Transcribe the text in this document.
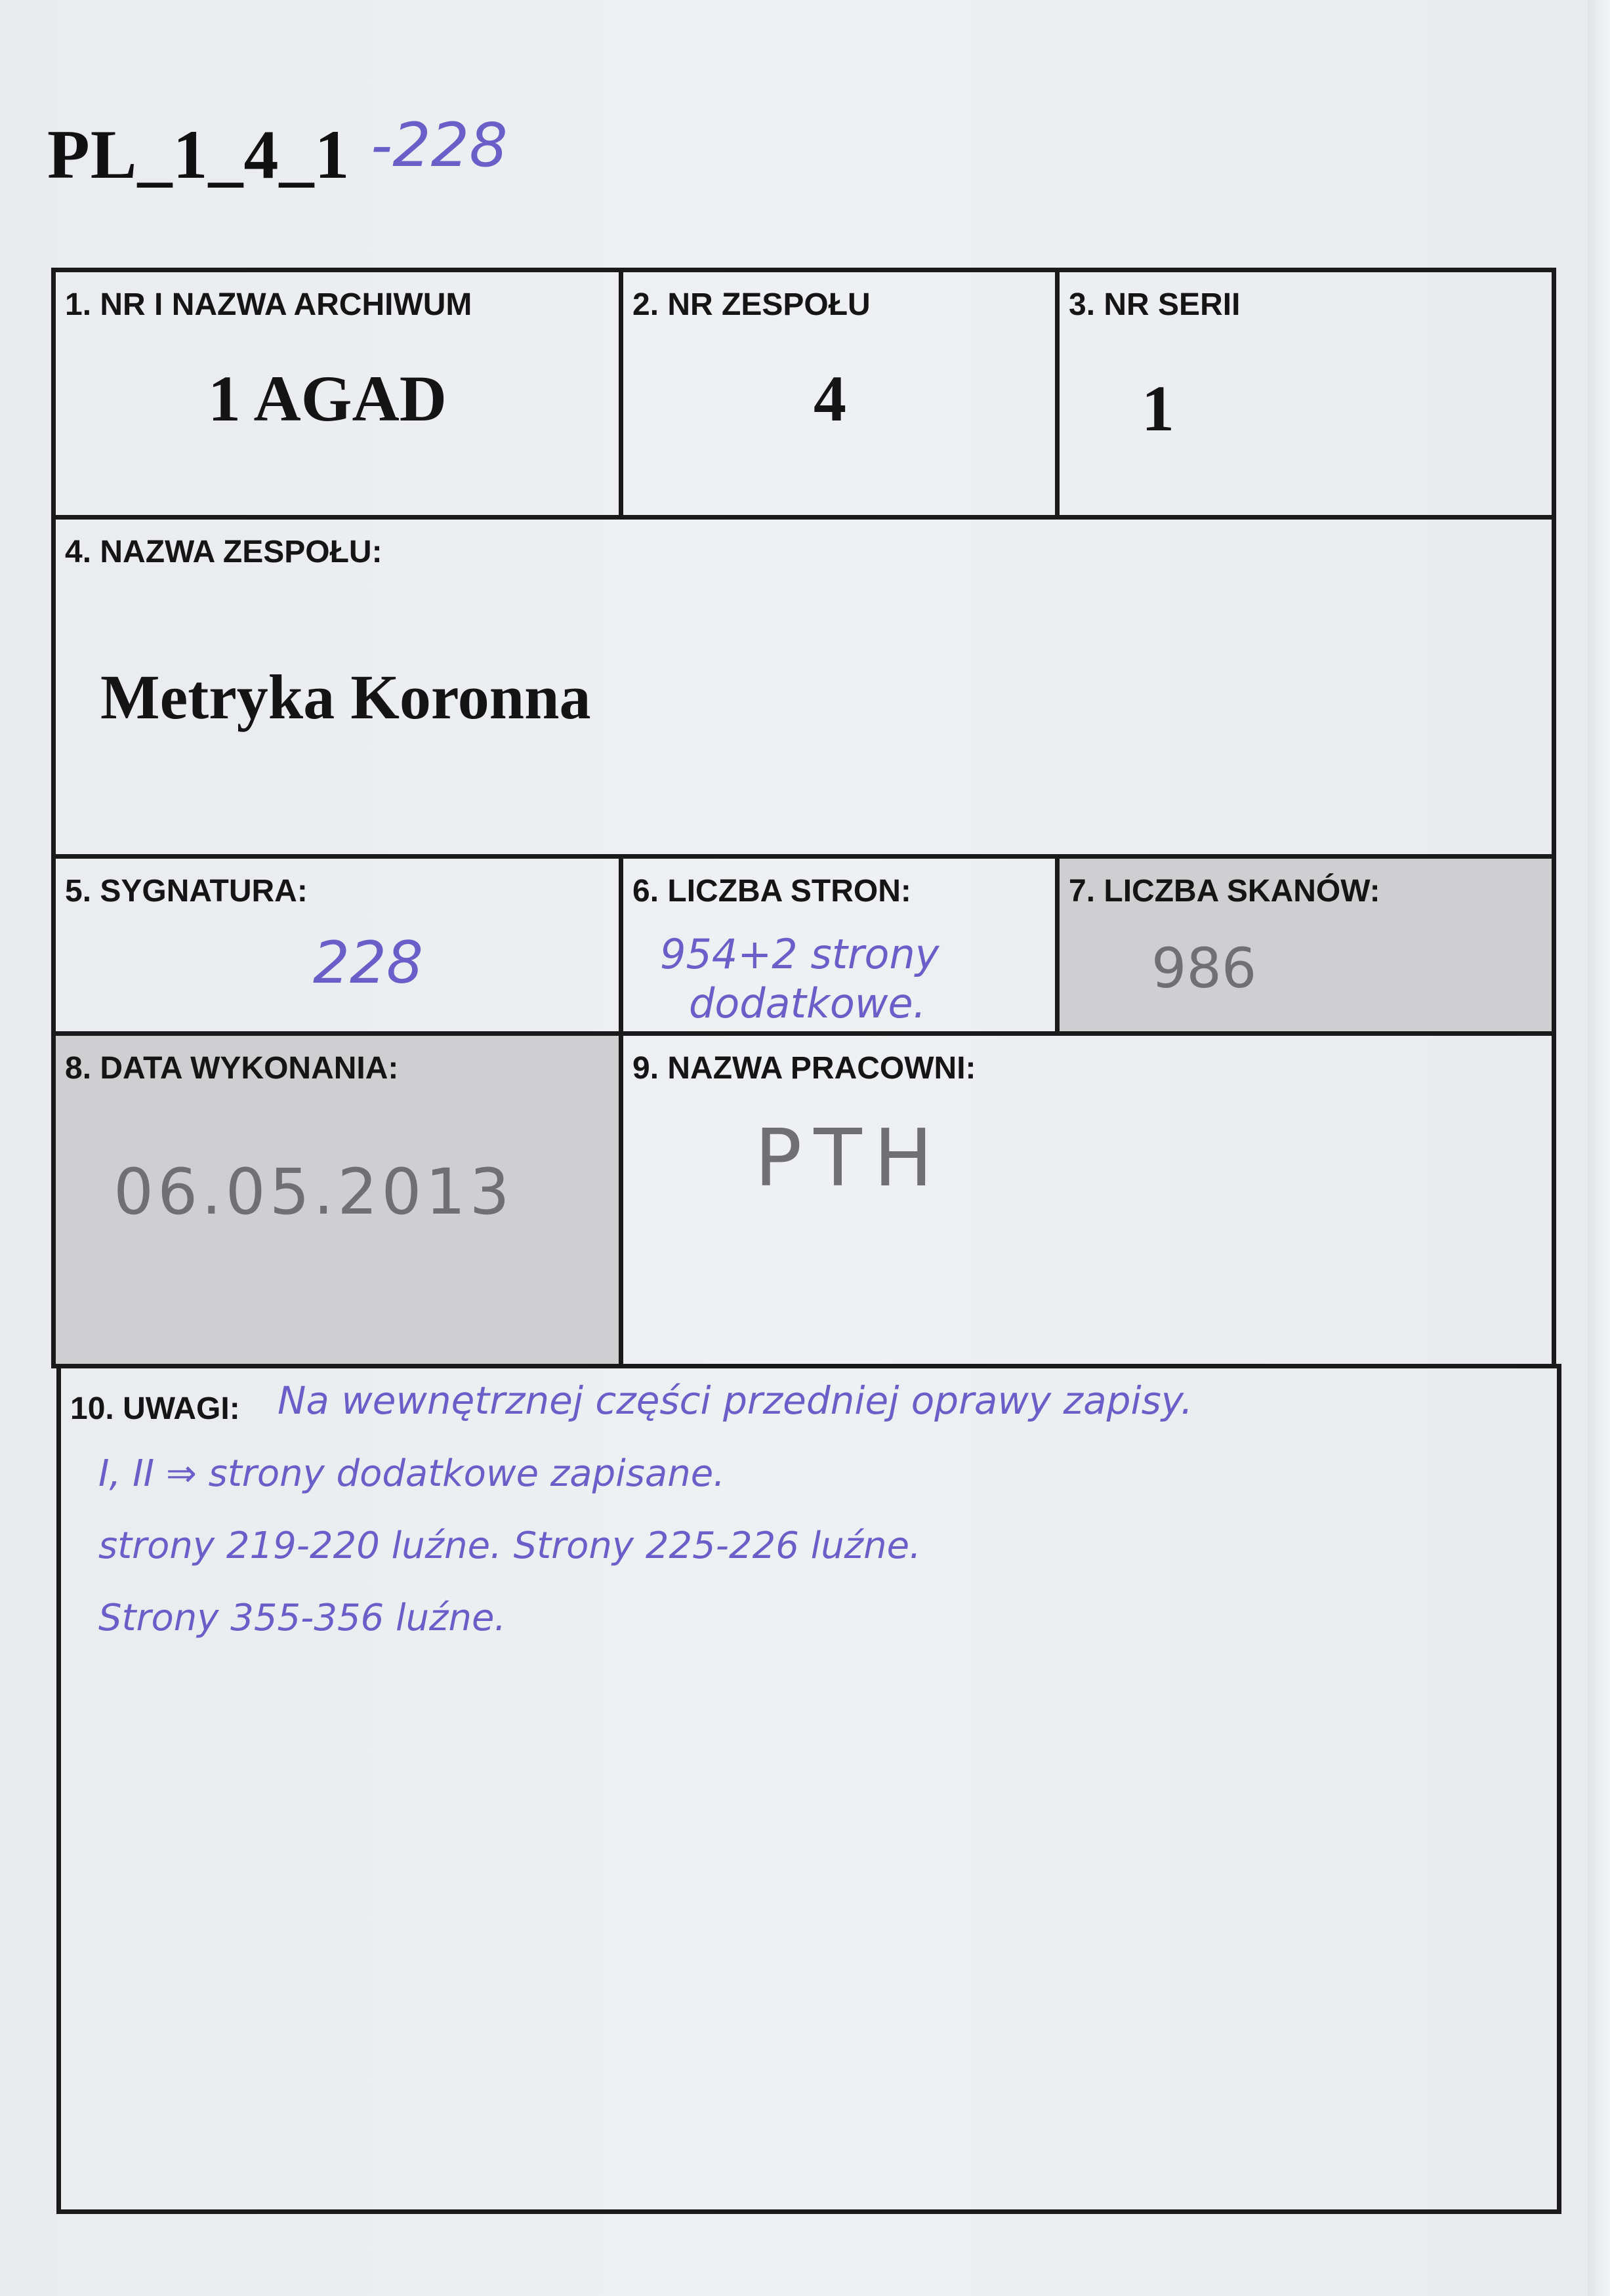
PL_1_4_1 -228
1. NR I NAZWA ARCHIWUM
1 AGAD
2. NR ZESPOŁU
4
3. NR SERII
1
4. NAZWA ZESPOŁU:
Metryka Koronna
5. SYGNATURA:
228
6. LICZBA STRON:
954+2 strony
dodatkowe.
7. LICZBA SKANÓW:
986
8. DATA WYKONANIA:
06.05.2013
9. NAZWA PRACOWNI:
PTH
10. UWAGI: Na wewnętrznej części przedniej oprawy zapisy.
I, II ⇒ strony dodatkowe zapisane.
strony 219-220 luźne. Strony 225-226 luźne.
Strony 355-356 luźne.
